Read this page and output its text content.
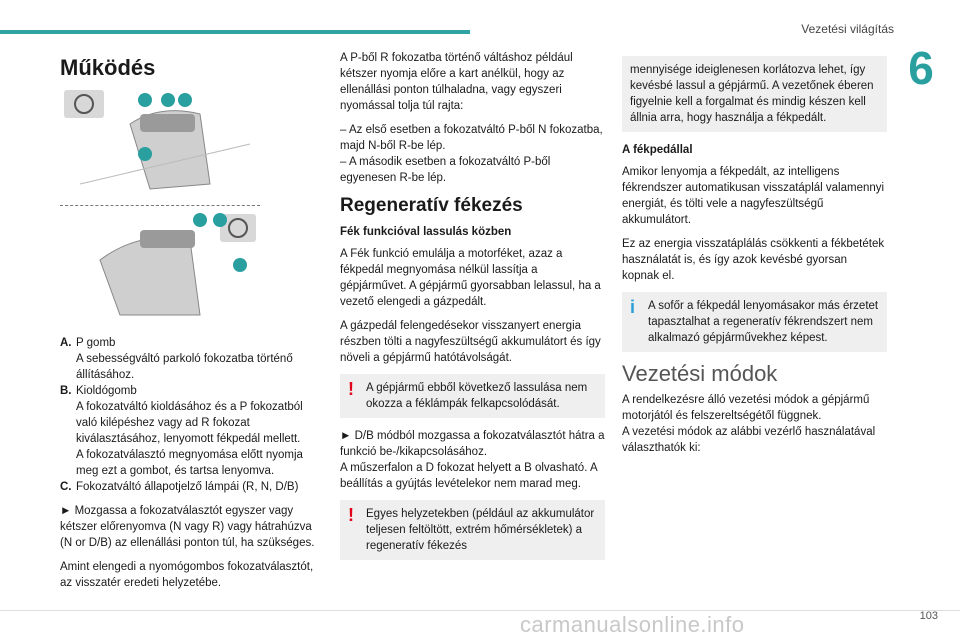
Vezetési világítás
6
Működés
A. P gomb
A sebességváltó parkoló fokozatba történő állításához.
B. Kioldógomb
A fokozatváltó kioldásához és a P fokozatból való kilépéshez vagy ad R fokozat kiválasztásához, lenyomott fékpedál mellett.
A fokozatválasztó megnyomása előtt nyomja meg ezt a gombot, és tartsa lenyomva.
C. Fokozatváltó állapotjelző lámpái (R, N, D/B)

► Mozgassa a fokozatválasztót egyszer vagy kétszer előrenyomva (N vagy R) vagy hátrahúzva (N or D/B) az ellenállási ponton túl, ha szükséges.

Amint elengedi a nyomógombos fokozatválasztót, az visszatér eredeti helyzetébe.

A P-ből R fokozatba történő váltáshoz például kétszer nyomja előre a kart anélkül, hogy az ellenállási ponton túlhaladna, vagy egyszeri nyomással tolja túl rajta:

– Az első esetben a fokozatváltó P-ből N fokozatba, majd N-ből R-be lép.

– A második esetben a fokozatváltó P-ből egyenesen R-be lép.

Regeneratív fékezés
Fék funkcióval lassulás közben

A Fék funkció emulálja a motorféket, azaz a fékpedál megnyomása nélkül lassítja a gépjárművet. A gépjármű gyorsabban lelassul, ha a vezető elengedi a gázpedált.

A gázpedál felengedésekor visszanyert energia részben tölti a nagyfeszültségű akkumulátort és így növeli a gépjármű hatótávolságát.

! A gépjármű ebből következő lassulása nem okozza a féklámpák felkapcsolódását.

► D/B módból mozgassa a fokozatválasztót hátra a funkció be-/kikapcsolásához.

A műszerfalon a D fokozat helyett a B olvasható. A beállítás a gyújtás levételekor nem marad meg.

! Egyes helyzetekben (például az akkumulátor teljesen feltöltött, extrém hőmérsékletek) a regeneratív fékezés
mennyisége ideiglenesen korlátozva lehet, így kevésbé lassul a gépjármű. A vezetőnek éberen figyelnie kell a forgalmat és mindig készen kell állnia arra, hogy használja a fékpedált.
A fékpedállal

Amikor lenyomja a fékpedált, az intelligens fékrendszer automatikusan visszatáplál valamennyi energiát, és tölti vele a nagyfeszültségű akkumulátort.

Ez az energia visszatáplálás csökkenti a fékbetétek használatát is, és így azok kevésbé gyorsan kopnak el.

i A sofőr a fékpedál lenyomásakor más érzetet tapasztalhat a regeneratív fékrendszert nem alkalmazó gépjárművekhez képest.
Vezetési módok

A rendelkezésre álló vezetési módok a gépjármű motorjától és felszereltségétől függnek.

A vezetési módok az alábbi vezérlő használatával választhatók ki:

carmanualsonline.info	103
